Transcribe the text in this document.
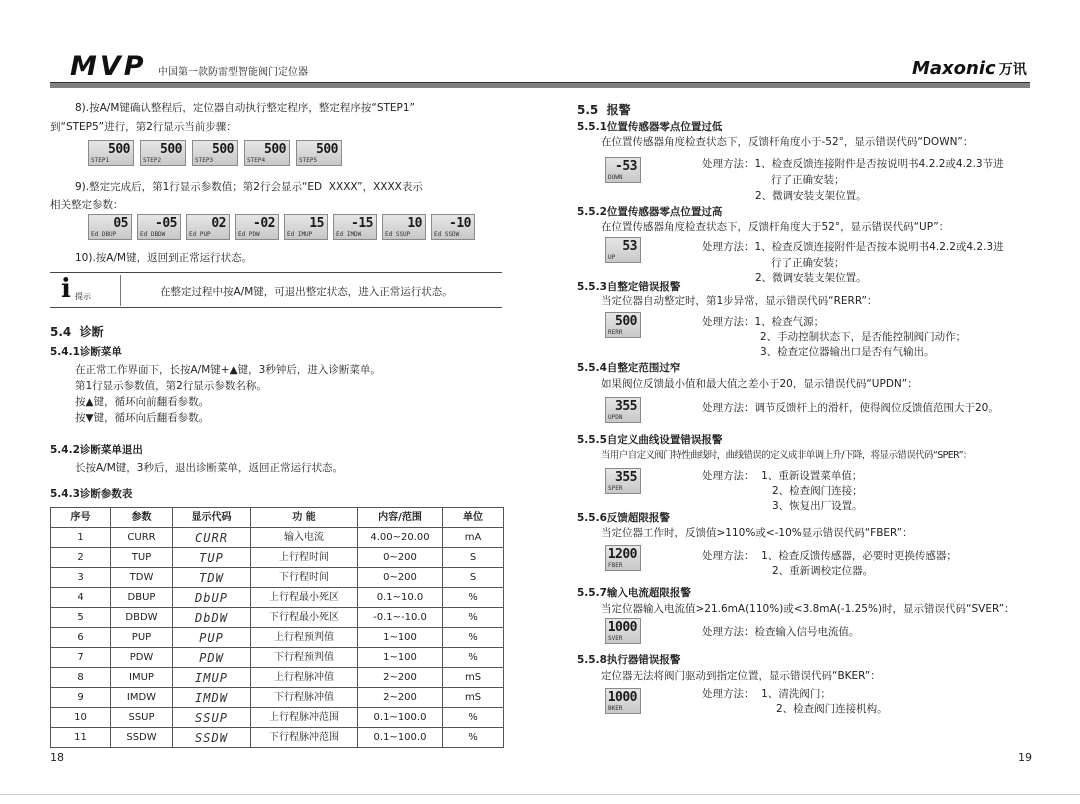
MVP 中国第一款防雷型智能阀门定位器	Maxonic 万讯
8).按A/M键确认整程后，定位器自动执行整定程序，整定程序按“STEP1”
到“STEP5”进行，第2行显示当前步骤：
500
STEP1
500
STEP2
500
STEP3
500
STEP4
500
STEP5
9).整定完成后，第1行显示参数值；第2行会显示“ED  XXXX”，XXXX表示
相关整定参数：
05
Ed DBUP
-05
Ed DBDW
02
Ed PUP
-02
Ed PDW
15
Ed IMUP
-15
Ed IMDW
10
Ed SSUP
-10
Ed SSDW
10).按A/M键，返回到正常运行状态。
i 提示	在整定过程中按A/M键，可退出整定状态，进入正常运行状态。
5.4  诊断
5.4.1诊断菜单
在正常工作界面下，长按A/M键+▲键，3秒钟后，进入诊断菜单。
第1行显示参数值，第2行显示参数名称。
按▲键，循环向前翻看参数。
按▼键，循环向后翻看参数。
5.4.2诊断菜单退出
长按A/M键，3秒后，退出诊断菜单，返回正常运行状态。
5.4.3诊断参数表
序号	参数	显示代码	功 能	内容/范围	单位
1	CURR	CURR	输入电流	4.00~20.00	mA
2	TUP	TUP	上行程时间	0~200	S
3	TDW	TDW	下行程时间	0~200	S
4	DBUP	DbUP	上行程最小死区	0.1~10.0	%
5	DBDW	DbDW	下行程最小死区	-0.1~-10.0	%
6	PUP	PUP	上行程预判值	1~100	%
7	PDW	PDW	下行程预判值	1~100	%
8	IMUP	IMUP	上行程脉冲值	2~200	mS
9	IMDW	IMDW	下行程脉冲值	2~200	mS
10	SSUP	SSUP	上行程脉冲范围	0.1~100.0	%
11	SSDW	SSDW	下行程脉冲范围	0.1~100.0	%
18
5.5  报警
5.5.1位置传感器零点位置过低
在位置传感器角度检查状态下，反馈杆角度小于-52°，显示错误代码“DOWN”：
-53
DOWN
处理方法：1、检查反馈连接附件是否按说明书4.2.2或4.2.3节进
行了正确安装；
2、微调安装支架位置。
5.5.2位置传感器零点位置过高
在位置传感器角度检查状态下，反馈杆角度大于52°，显示错误代码“UP”：
53
UP
处理方法：1、检查反馈连接附件是否按本说明书4.2.2或4.2.3进
行了正确安装；
2、微调安装支架位置。
5.5.3自整定错误报警
当定位器自动整定时，第1步异常，显示错误代码“RERR”：
500
RERR
处理方法：1、检查气源；
2、手动控制状态下，是否能控制阀门动作；
3、检查定位器输出口是否有气输出。
5.5.4自整定范围过窄
如果阀位反馈最小值和最大值之差小于20，显示错误代码“UPDN”：
355
UPDN
处理方法：调节反馈杆上的滑杆，使得阀位反馈值范围大于20。
5.5.5自定义曲线设置错误报警
当用户自定义阀门特性曲线时，曲线错误的定义成非单调上升/下降，将显示错误代码“SPER”：
355
SPER
处理方法：  1、重新设置菜单值；
2、检查阀门连接；
3、恢复出厂设置。
5.5.6反馈超限报警
当定位器工作时，反馈值>110%或<-10%显示错误代码“FBER”：
1200
FBER
处理方法：  1、检查反馈传感器，必要时更换传感器；
2、重新调校定位器。
5.5.7输入电流超限报警
当定位器输入电流值>21.6mA(110%)或<3.8mA(-1.25%)时，显示错误代码“SVER”：
1000
SVER
处理方法：检查输入信号电流值。
5.5.8执行器错误报警
定位器无法将阀门驱动到指定位置，显示错误代码“BKER”：
1000
BKER
处理方法：  1、清洗阀门；
2、检查阀门连接机构。
19
